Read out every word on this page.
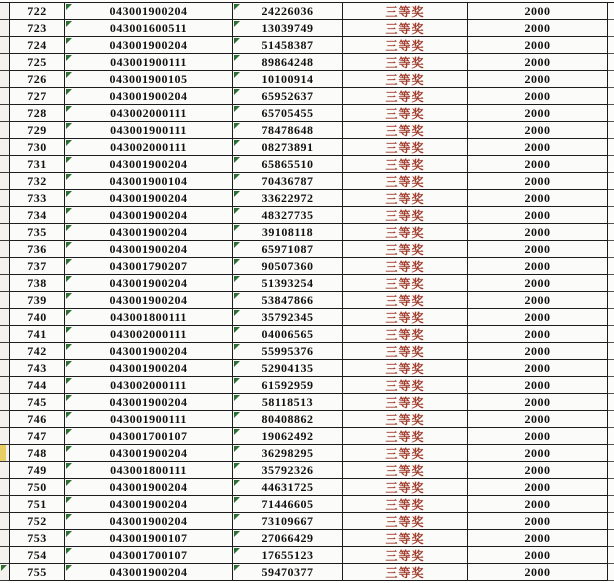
722	043001900204	24226036	三等奖	2000
723	043001600511	13039749	三等奖	2000
724	043001900204	51458387	三等奖	2000
725	043001900111	89864248	三等奖	2000
726	043001900105	10100914	三等奖	2000
727	043001900204	65952637	三等奖	2000
728	043002000111	65705455	三等奖	2000
729	043001900111	78478648	三等奖	2000
730	043002000111	08273891	三等奖	2000
731	043001900204	65865510	三等奖	2000
732	043001900104	70436787	三等奖	2000
733	043001900204	33622972	三等奖	2000
734	043001900204	48327735	三等奖	2000
735	043001900204	39108118	三等奖	2000
736	043001900204	65971087	三等奖	2000
737	043001790207	90507360	三等奖	2000
738	043001900204	51393254	三等奖	2000
739	043001900204	53847866	三等奖	2000
740	043001800111	35792345	三等奖	2000
741	043002000111	04006565	三等奖	2000
742	043001900204	55995376	三等奖	2000
743	043001900204	52904135	三等奖	2000
744	043002000111	61592959	三等奖	2000
745	043001900204	58118513	三等奖	2000
746	043001900111	80408862	三等奖	2000
747	043001700107	19062492	三等奖	2000
748	043001900204	36298295	三等奖	2000
749	043001800111	35792326	三等奖	2000
750	043001900204	44631725	三等奖	2000
751	043001900204	71446605	三等奖	2000
752	043001900204	73109667	三等奖	2000
753	043001900107	27066429	三等奖	2000
754	043001700107	17655123	三等奖	2000
755	043001900204	59470377	三等奖	2000
